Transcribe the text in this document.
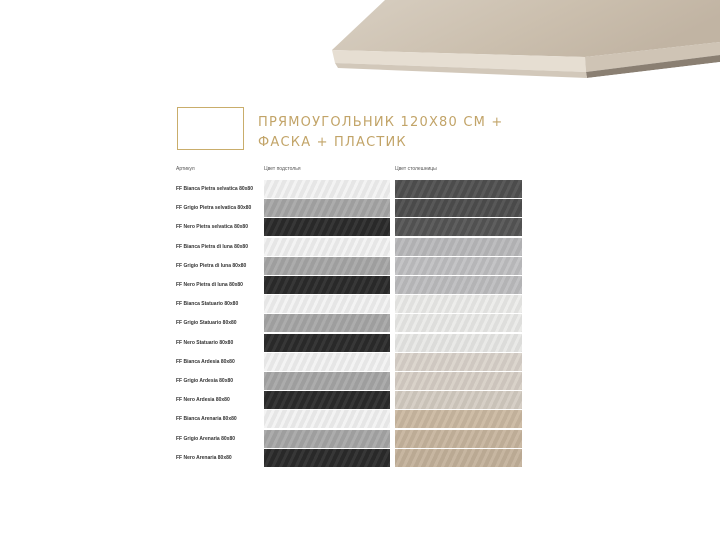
ПРЯМОУГОЛЬНИК 120Х80 СМ +
ФАСКА + ПЛАСТИК
Артикул	Цвет подстолья	Цвет столешницы
FF Bianca Pietra selvatica 80x80
FF Grigio Pietra selvatica 80x80
FF Nero Pietra selvatica 80x80
FF Bianca Pietra di luna 80x80
FF Grigio Pietra di luna 80x80
FF Nero Pietra di luna 80x80
FF Bianca Statuario 80x80
FF Grigio Statuario 80x80
FF Nero Statuario 80x80
FF Bianca Ardesia 80x80
FF Grigio Ardesia 80x80
FF Nero Ardesia 80x80
FF Bianca Arenaria 80x80
FF Grigio Arenaria 80x80
FF Nero Arenaria 80x80
